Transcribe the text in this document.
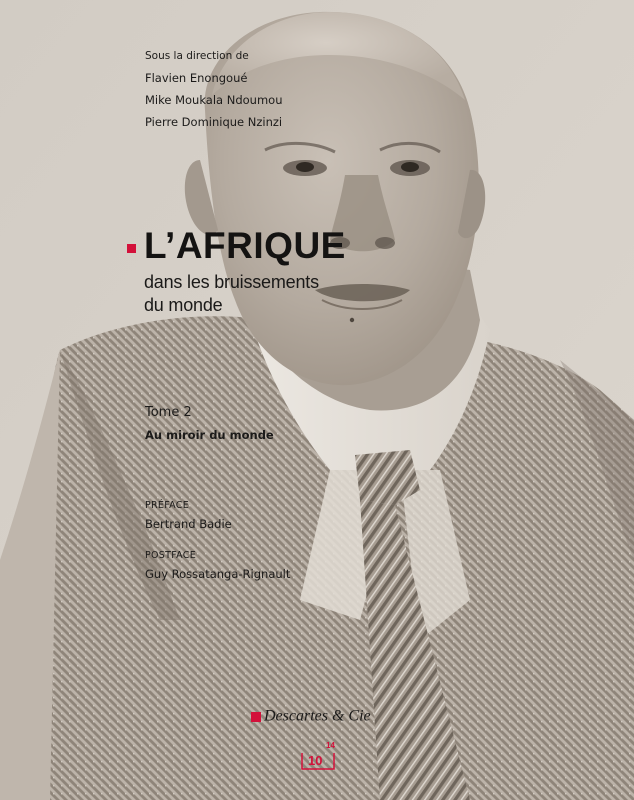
Sous la direction de
Flavien Enongoué
Mike Moukala Ndoumou
Pierre Dominique Nzinzi
L’AFRIQUE
dans les bruissements
du monde
Tome 2
Au miroir du monde
PRÉFACE
Bertrand Badie
POSTFACE
Guy Rossatanga-Rignault
Descartes & Cie
10
14
